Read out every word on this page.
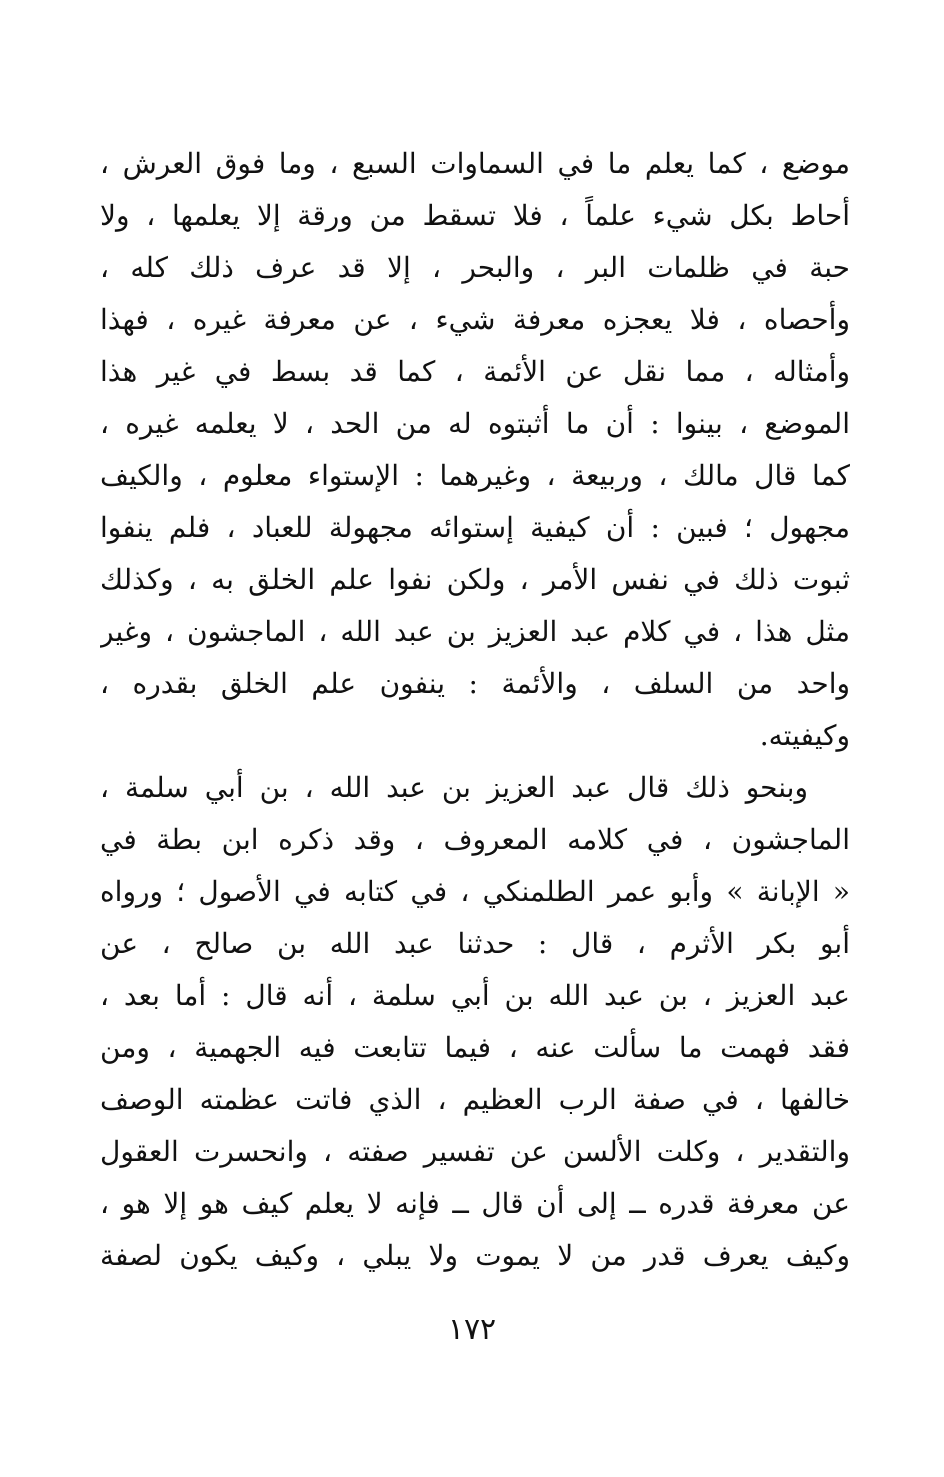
موضع ، كما يعلم ما في السماوات السبع ، وما فوق العرش ،
أحاط بكل شيء علماً ، فلا تسقط من ورقة إلا يعلمها ، ولا
حبة في ظلمات البر ، والبحر ، إلا قد عرف ذلك كله ،
وأحصاه ، فلا يعجزه معرفة شيء ، عن معرفة غيره ، فهذا
وأمثاله ، مما نقل عن الأئمة ، كما قد بسط في غير هذا
الموضع ، بينوا : أن ما أثبتوه له من الحد ، لا يعلمه غيره ،
كما قال مالك ، وربيعة ، وغيرهما : الإستواء معلوم ، والكيف
مجهول ؛ فبين : أن كيفية إستوائه مجهولة للعباد ، فلم ينفوا
ثبوت ذلك في نفس الأمر ، ولكن نفوا علم الخلق به ، وكذلك
مثل هذا ، في كلام عبد العزيز بن عبد الله ، الماجشون ، وغير
واحد من السلف ، والأئمة : ينفون علم الخلق بقدره ،
وكيفيته.
وبنحو ذلك قال عبد العزيز بن عبد الله ، بن أبي سلمة ،
الماجشون ، في كلامه المعروف ، وقد ذكره ابن بطة في
« الإبانة » وأبو عمر الطلمنكي ، في كتابه في الأصول ؛ ورواه
أبو بكر الأثرم ، قال : حدثنا عبد الله بن صالح ، عن
عبد العزيز ، بن عبد الله بن أبي سلمة ، أنه قال : أما بعد ،
فقد فهمت ما سألت عنه ، فيما تتابعت فيه الجهمية ، ومن
خالفها ، في صفة الرب العظيم ، الذي فاتت عظمته الوصف
والتقدير ، وكلت الألسن عن تفسير صفته ، وانحسرت العقول
عن معرفة قدره ــ إلى أن قال ــ فإنه لا يعلم كيف هو إلا هو ،
وكيف يعرف قدر من لا يموت ولا يبلي ، وكيف يكون لصفة
١٧٢
